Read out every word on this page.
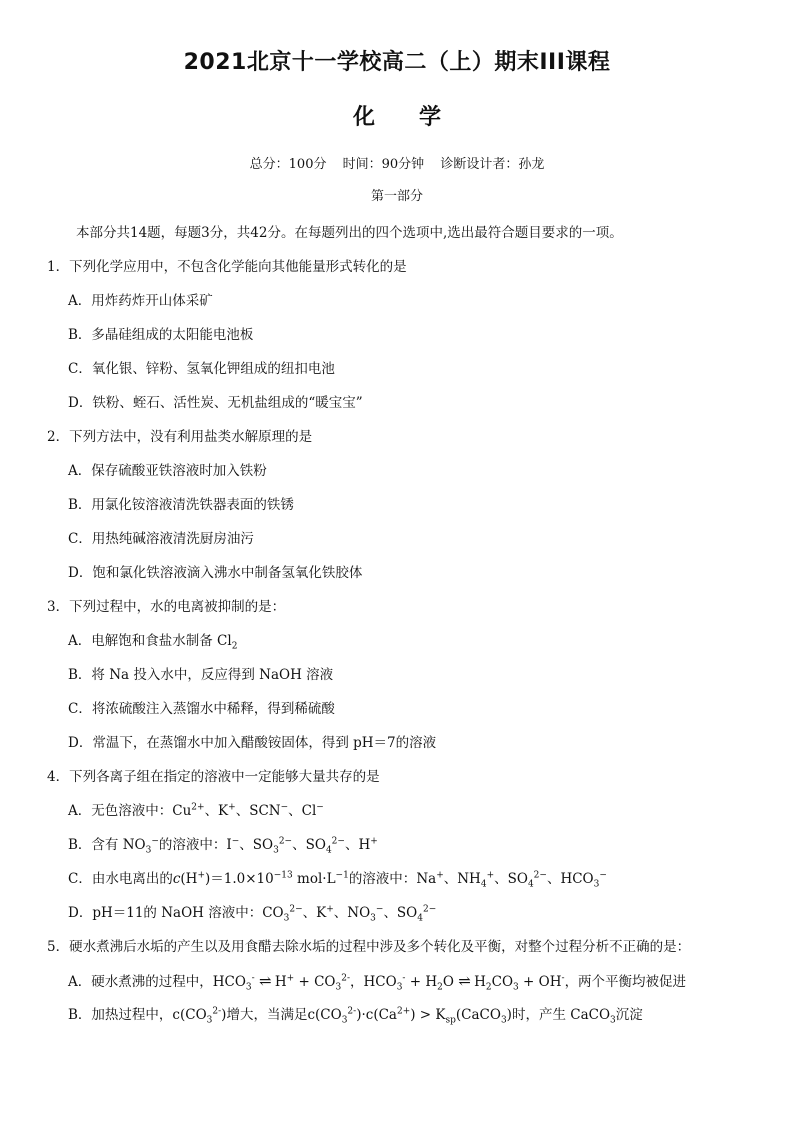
2021北京十一学校高二（上）期末III课程
化 学
总分：100分 时间：90分钟 诊断设计者：孙龙
第一部分
本部分共14题，每题3分，共42分。在每题列出的四个选项中,选出最符合题目要求的一项。
1．下列化学应用中，不包含化学能向其他能量形式转化的是
A．用炸药炸开山体采矿
B．多晶硅组成的太阳能电池板
C．氧化银、锌粉、氢氧化钾组成的纽扣电池
D．铁粉、蛭石、活性炭、无机盐组成的“暖宝宝”
2．下列方法中，没有利用盐类水解原理的是
A．保存硫酸亚铁溶液时加入铁粉
B．用氯化铵溶液清洗铁器表面的铁锈
C．用热纯碱溶液清洗厨房油污
D．饱和氯化铁溶液滴入沸水中制备氢氧化铁胶体
3．下列过程中，水的电离被抑制的是：
A．电解饱和食盐水制备 $Cl_2$
B．将 Na 投入水中，反应得到 NaOH 溶液
C．将浓硫酸注入蒸馏水中稀释，得到稀硫酸
D．常温下，在蒸馏水中加入醋酸铵固体，得到 pH＝7的溶液
4．下列各离子组在指定的溶液中一定能够大量共存的是
A．无色溶液中：$Cu^{2+}$、K+、SCN−、Cl−
B．含有 $NO_3^-$的溶液中：I−、$SO_3^{2-}$、$SO_4^{2-}$、H+
C．由水电离出的$c(H^+)=1.0\times 10^{-13}$ $mol\cdot L^{-1}$的溶液中：Na+、$NH_4^+$、$SO_4^{2-}$、$HCO_3^-$
D．pH＝11的 NaOH 溶液中：$CO_3^{2-}$、K+、$NO_3^-$、$SO_4^{2-}$
5．硬水煮沸后水垢的产生以及用食醋去除水垢的过程中涉及多个转化及平衡，对整个过程分析不正确的是：
A．硬水煮沸的过程中，$HCO_3^-$ ⇌ $H^+ + CO_3^{2-}$，$HCO_3^- + H_2O$ ⇌ $H_2CO_3 + OH^-$，两个平衡均被促进
B．加热过程中，$c(CO_3^{2-})$增大，当满足$c(CO_3^{2-})\cdot c(Ca^{2+})$ > $K_{sp}(CaCO_3)$时，产生 CaCO$_3$沉淀
